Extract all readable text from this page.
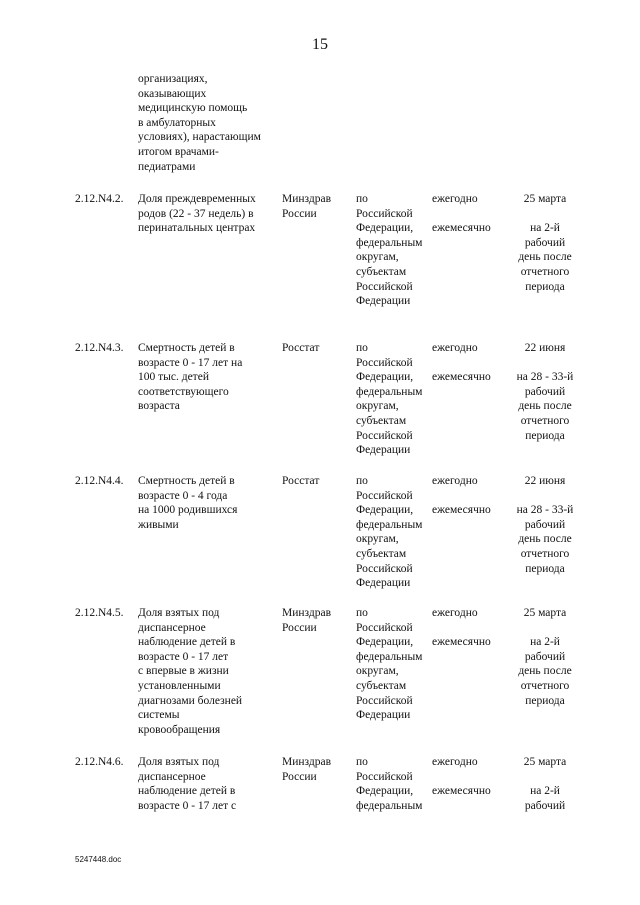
15
организациях,
оказывающих
медицинскую помощь
в амбулаторных
условиях), нарастающим
итогом врачами-
педиатрами
2.12.N4.2. Доля преждевременных
родов (22 - 37 недель) в
перинатальных центрах
Минздрав
России
по
Российской
Федерации,
федеральным
округам,
субъектам
Российской
Федерации
ежегодно
ежемесячно
25 марта
на 2-й
рабочий
день после
отчетного
периода
2.12.N4.3. Смертность детей в
возрасте 0 - 17 лет на
100 тыс. детей
соответствующего
возраста
Росстат	по
Российской
Федерации,
федеральным
округам,
субъектам
Российской
Федерации
ежегодно
ежемесячно
22 июня
на 28 - 33-й
рабочий
день после
отчетного
периода
2.12.N4.4. Смертность детей в
возрасте 0 - 4 года
на 1000 родившихся
живыми
Росстат	по
Российской
Федерации,
федеральным
округам,
субъектам
Российской
Федерации
ежегодно
ежемесячно
22 июня
на 28 - 33-й
рабочий
день после
отчетного
периода
2.12.N4.5. Доля взятых под
диспансерное
наблюдение детей в
возрасте 0 - 17 лет
с впервые в жизни
установленными
диагнозами болезней
системы
кровообращения
Минздрав
России
по
Российской
Федерации,
федеральным
округам,
субъектам
Российской
Федерации
ежегодно
ежемесячно
25 марта
на 2-й
рабочий
день после
отчетного
периода
2.12.N4.6. Доля взятых под
диспансерное
наблюдение детей в
возрасте 0 - 17 лет с
Минздрав
России
по
Российской
Федерации,
федеральным
ежегодно
ежемесячно
25 марта
на 2-й
рабочий
5247448.doc
